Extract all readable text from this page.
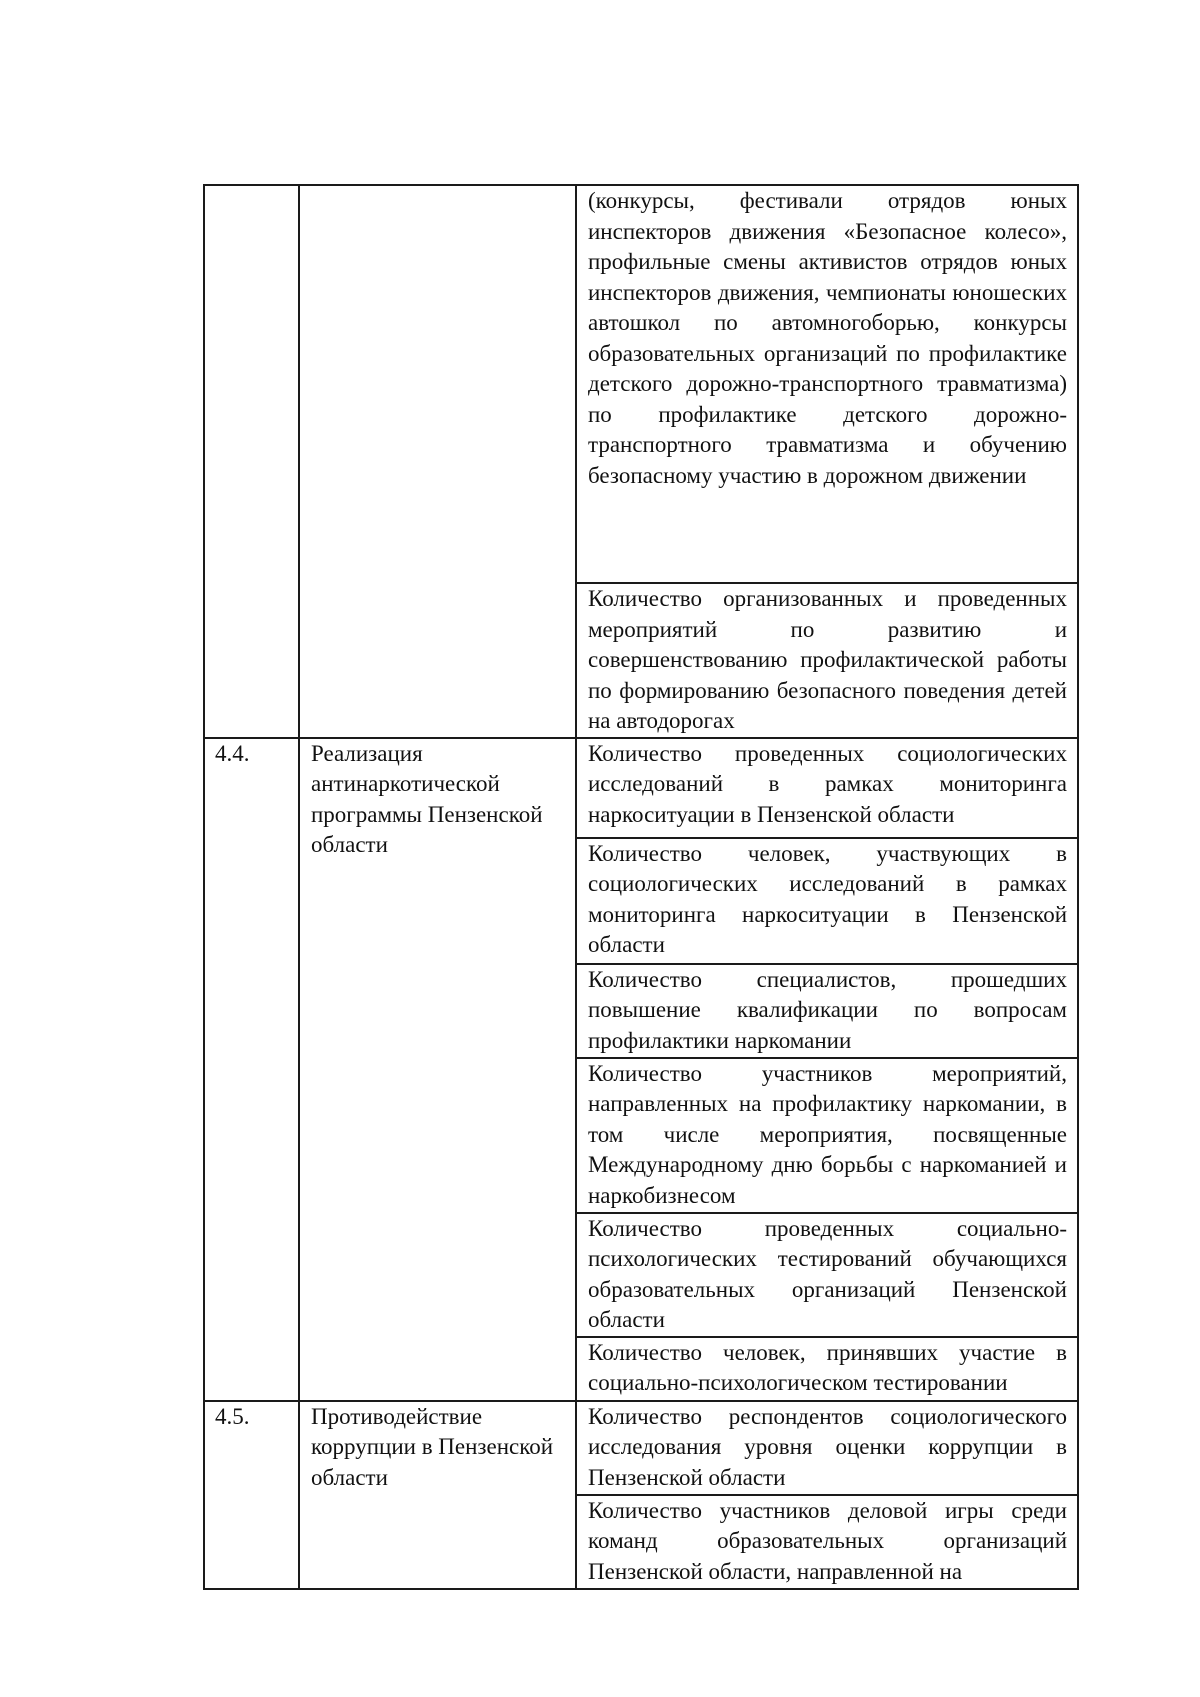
		(конкурсы, фестивали отрядов юных инспекторов движения «Безопасное колесо», профильные смены активистов отрядов юных инспекторов движения, чемпионаты юношеских автошкол по автомногоборью, конкурсы образовательных организаций по профилактике детского дорожно-транспортного травматизма) по профилактике детского дорожно-транспортного травматизма и обучению безопасному участию в дорожном движении

		Количество организованных и проведенных мероприятий по развитию и совершенствованию профилактической работы по формированию безопасного поведения детей на автодорогах

4.4.	Реализация антинаркотической программы Пензенской области	Количество проведенных социологических исследований в рамках мониторинга наркоситуации в Пензенской области

		Количество человек, участвующих в социологических исследований в рамках мониторинга наркоситуации в Пензенской области

		Количество специалистов, прошедших повышение квалификации по вопросам профилактики наркомании

		Количество участников мероприятий, направленных на профилактику наркомании, в том числе мероприятия, посвященные Международному дню борьбы с наркоманией и наркобизнесом

		Количество проведенных социально-психологических тестирований обучающихся образовательных организаций Пензенской области

		Количество человек, принявших участие в социально-психологическом тестировании

4.5.	Противодействие коррупции в Пензенской области	Количество респондентов социологического исследования уровня оценки коррупции в Пензенской области

		Количество участников деловой игры среди команд образовательных организаций Пензенской области, направленной на
